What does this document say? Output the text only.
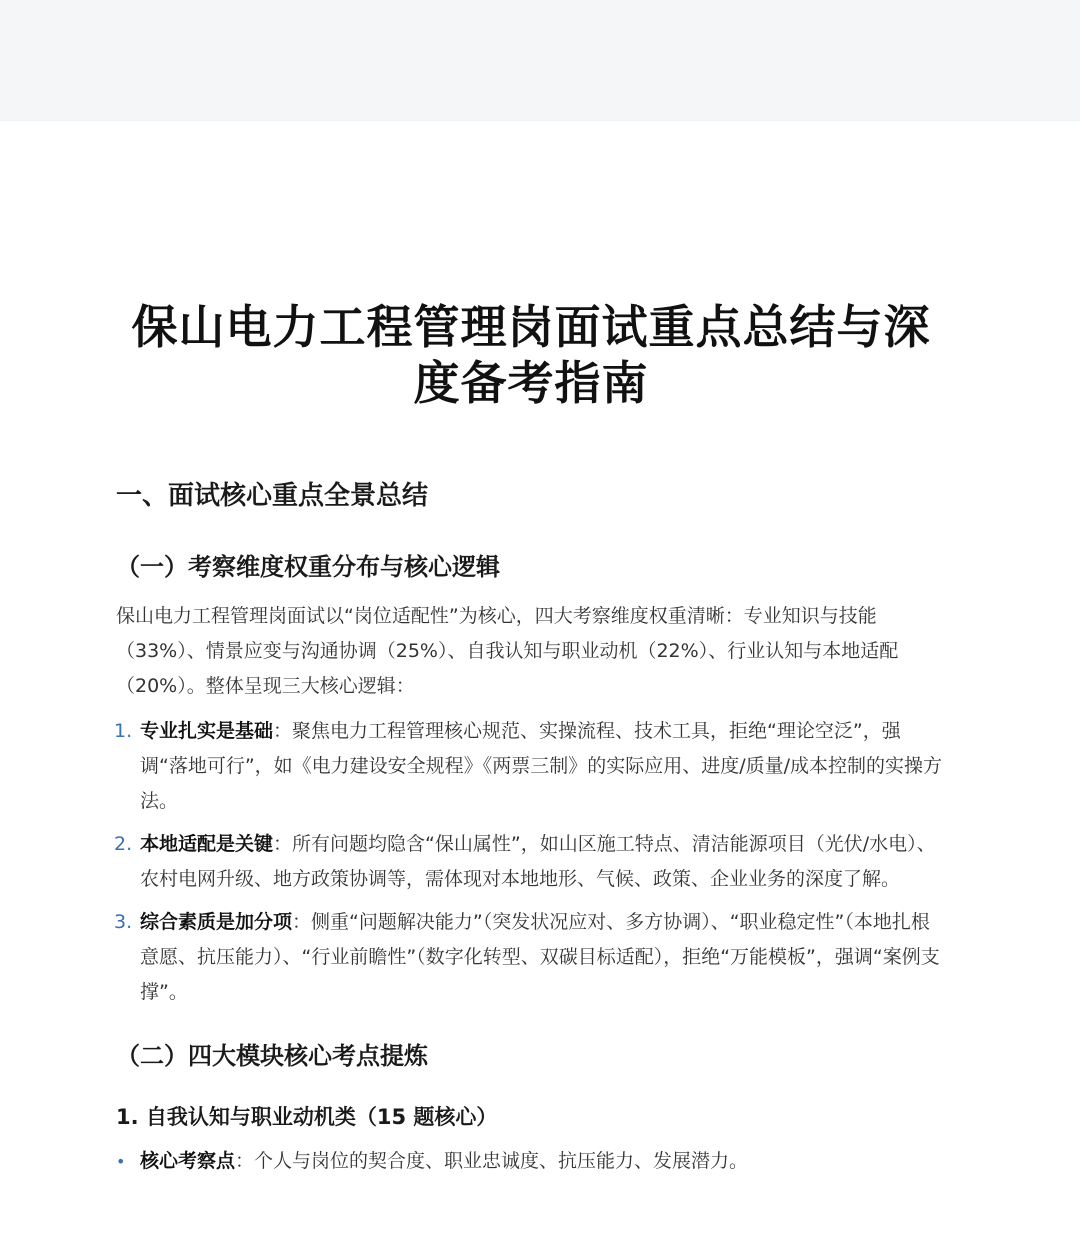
保山电力工程管理岗面试重点总结与深
度备考指南
一、面试核心重点全景总结
（一）考察维度权重分布与核心逻辑

保山电力工程管理岗面试以“岗位适配性”为核心，四大考察维度权重清晰：专业知识与技能（33%）、情景应变与沟通协调（25%）、自我认知与职业动机（22%）、行业认知与本地适配（20%）。整体呈现三大核心逻辑：

1. 专业扎实是基础：聚焦电力工程管理核心规范、实操流程、技术工具，拒绝“理论空泛”，强调“落地可行”，如《电力建设安全规程》《两票三制》的实际应用、进度/质量/成本控制的实操方法。
2. 本地适配是关键：所有问题均隐含“保山属性”，如山区施工特点、清洁能源项目（光伏/水电）、农村电网升级、地方政策协调等，需体现对本地地形、气候、政策、企业业务的深度了解。
3. 综合素质是加分项：侧重“问题解决能力”（突发状况应对、多方协调）、“职业稳定性”（本地扎根意愿、抗压能力）、“行业前瞻性”（数字化转型、双碳目标适配），拒绝“万能模板”，强调“案例支撑”。
（二）四大模块核心考点提炼
1. 自我认知与职业动机类（15 题核心）
• 核心考察点：个人与岗位的契合度、职业忠诚度、抗压能力、发展潜力。
